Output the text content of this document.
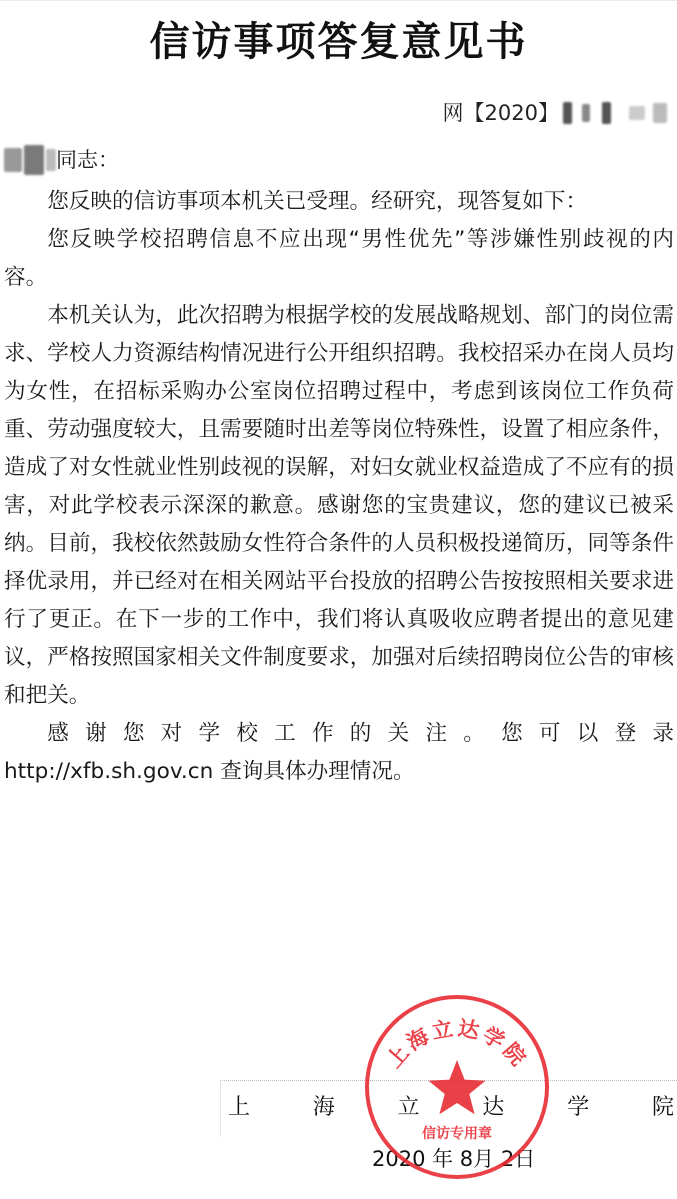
信访事项答复意见书
网【2020】
同志：

您反映的信访事项本机关已受理。经研究，现答复如下：

您反映学校招聘信息不应出现“男性优先”等涉嫌性别歧视的内容。

本机关认为，此次招聘为根据学校的发展战略规划、部门的岗位需求、学校人力资源结构情况进行公开组织招聘。我校招采办在岗人员均为女性，在招标采购办公室岗位招聘过程中，考虑到该岗位工作负荷重、劳动强度较大，且需要随时出差等岗位特殊性，设置了相应条件，造成了对女性就业性别歧视的误解，对妇女就业权益造成了不应有的损害，对此学校表示深深的歉意。感谢您的宝贵建议，您的建议已被采纳。目前，我校依然鼓励女性符合条件的人员积极投递简历，同等条件择优录用，并已经对在相关网站平台投放的招聘公告按按照相关要求进行了更正。在下一步的工作中，我们将认真吸收应聘者提出的意见建议，严格按照国家相关文件制度要求，加强对后续招聘岗位公告的审核和把关。

感谢您对学校工作的关注。您可以登录

http://xfb.sh.gov.cn 查询具体办理情况。

上	海	立	达	学	院
2020 年 8月 2日
上海立达学院
信访专用章
